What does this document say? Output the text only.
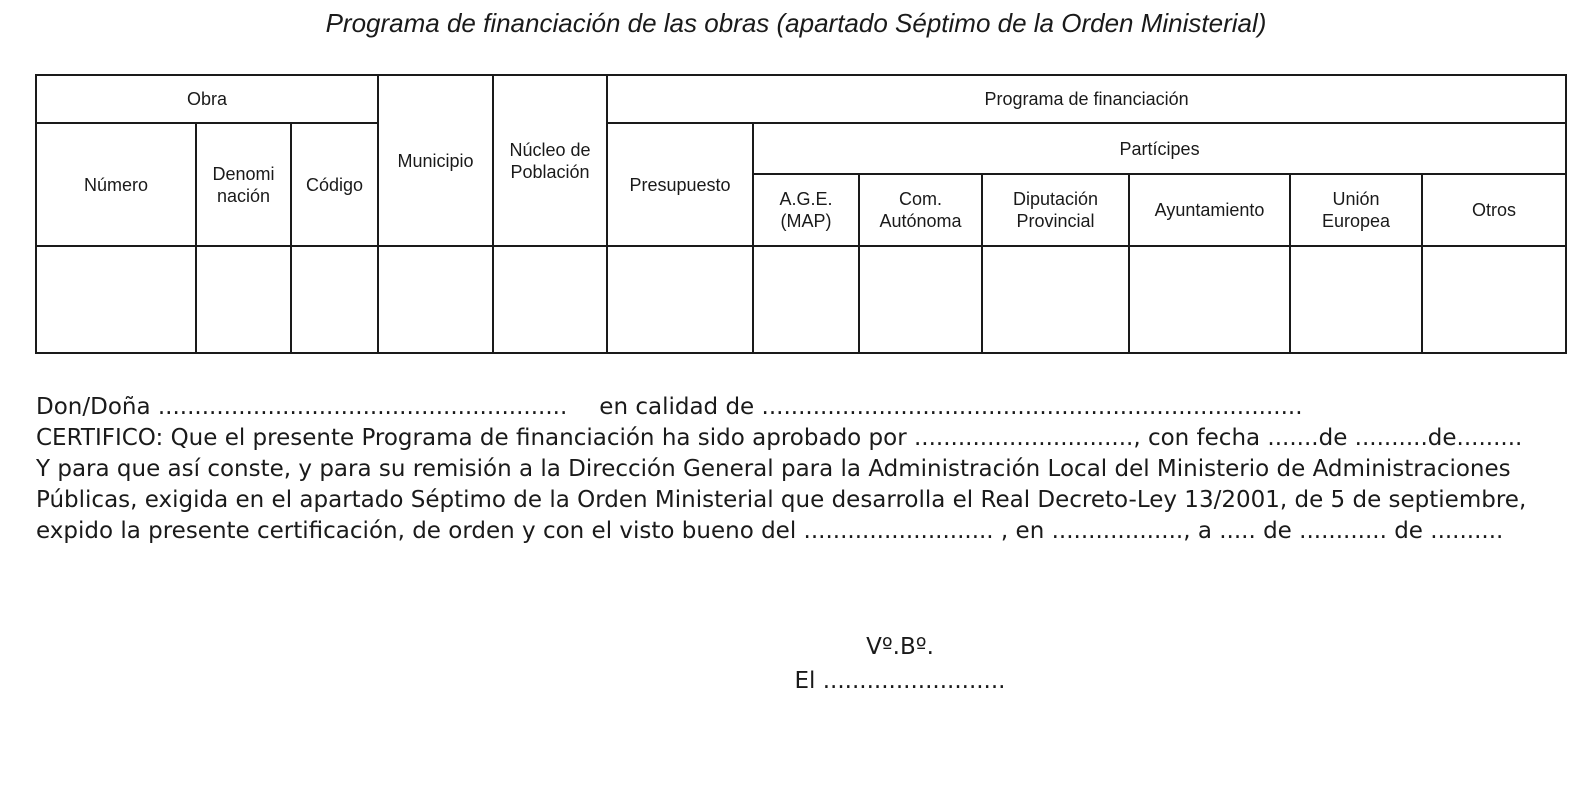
Programa de financiación de las obras (apartado Séptimo de la Orden Ministerial)
Obra			Municipio	Núcleo de Población	Programa de financiación						
Número	Denomi nación	Código			Presupuesto	Partícipes					
						A.G.E. (MAP)	Com. Autónoma	Diputación Provincial	Ayuntamiento	Unión Europea	Otros

Don/Doña ........................................................ en calidad de ..........................................................................

CERTIFICO: Que el presente Programa de financiación ha sido aprobado por .............................., con fecha .......de ..........de.........

Y para que así conste, y para su remisión a la Dirección General para la Administración Local del Ministerio de Administraciones Públicas, exigida en el apartado Séptimo de la Orden Ministerial que desarrolla el Real Decreto-Ley 13/2001, de 5 de septiembre, expido la presente certificación, de orden y con el visto bueno del .......................... , en .................., a ..... de ............ de ..........

Vº.Bº.
El .........................
